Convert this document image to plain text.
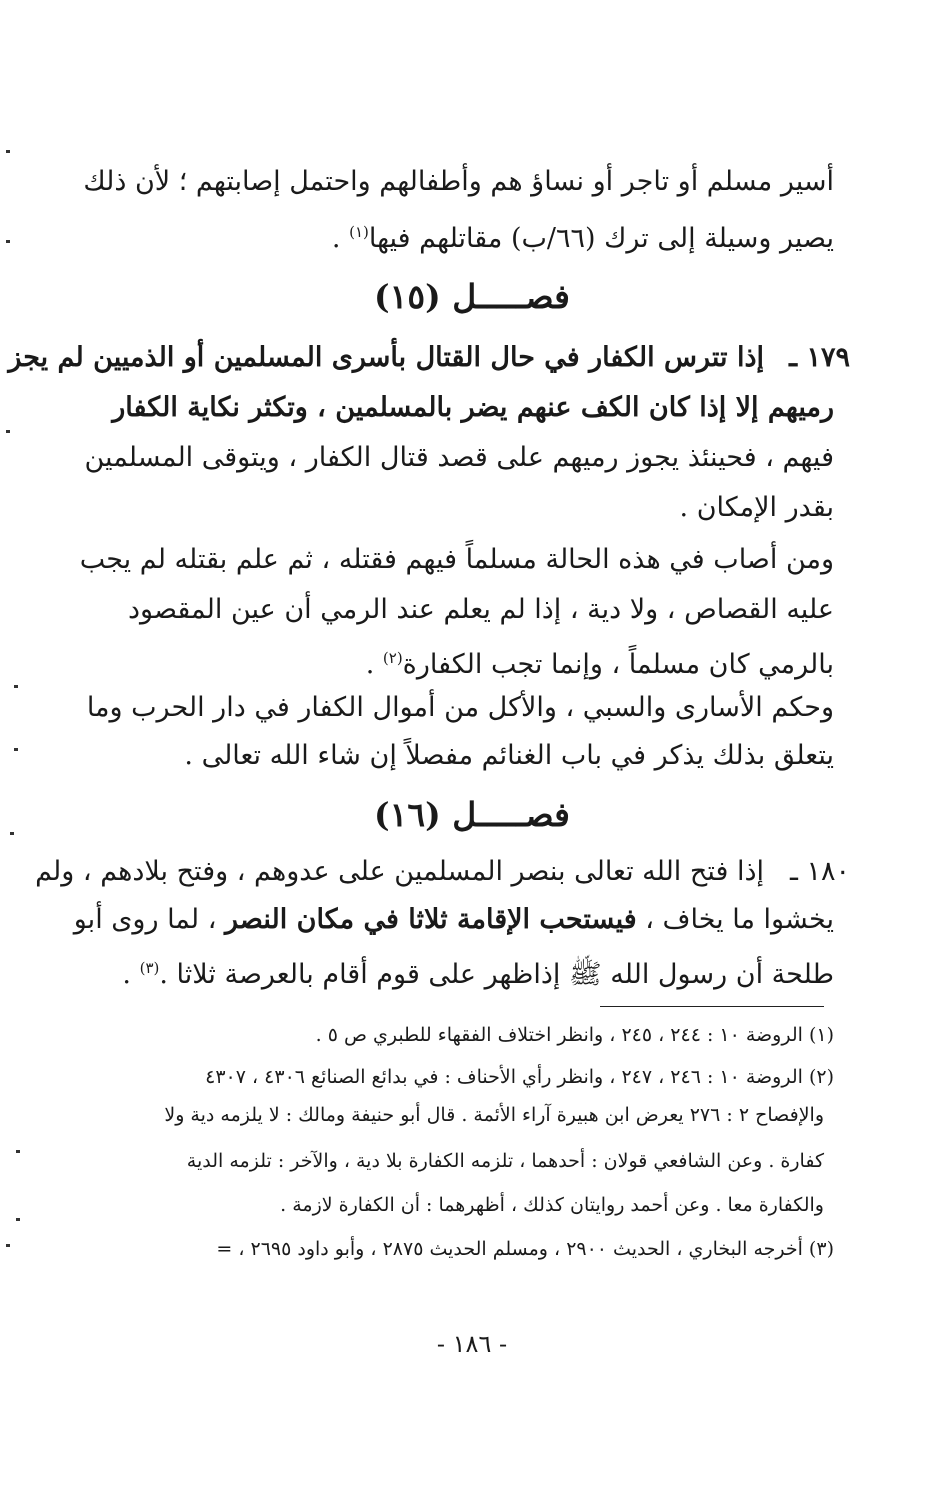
أسير مسلم أو تاجر أو نساؤ هم وأطفالهم واحتمل إصابتهم ؛ لأن ذلك
يصير وسيلة إلى ترك (٦٦/ب) مقاتلهم فيها$^{(١)}$ .
فصـــــل (١٥)
١٧٩ ـ
إذا تترس الكفار في حال القتال بأسرى المسلمين أو الذميين لم يجز
رميهم إلا إذا كان الكف عنهم يضر بالمسلمين ، وتكثر نكاية الكفار
فيهم ، فحينئذ يجوز رميهم على قصد قتال الكفار ، ويتوقى المسلمين
بقدر الإمكان .
ومن أصاب في هذه الحالة مسلماً فيهم فقتله ، ثم علم بقتله لم يجب
عليه القصاص ، ولا دية ، إذا لم يعلم عند الرمي أن عين المقصود
بالرمي كان مسلماً ، وإنما تجب الكفارة$^{(٢)}$ .
وحكم الأسارى والسبي ، والأكل من أموال الكفار في دار الحرب وما
يتعلق بذلك يذكر في باب الغنائم مفصلاً إن شاء الله تعالى .
فصـــــل (١٦)
١٨٠ ـ
إذا فتح الله تعالى بنصر المسلمين على عدوهم ، وفتح بلادهم ، ولم
يخشوا ما يخاف ، فيستحب الإقامة ثلاثا في مكان النصر ، لما روى أبو
طلحة أن رسول الله ﷺ إذاظهر على قوم أقام بالعرصة ثلاثا .$^{(٣)}$ .
(١) الروضة ١٠ : ٢٤٤ ، ٢٤٥ ، وانظر اختلاف الفقهاء للطبري ص ٥ .
(٢) الروضة ١٠ : ٢٤٦ ، ٢٤٧ ، وانظر رأي الأحناف : في بدائع الصنائع ٤٣٠٦ ، ٤٣٠٧
والإفصاح ٢ : ٢٧٦ يعرض ابن هبيرة آراء الأئمة . قال أبو حنيفة ومالك : لا يلزمه دية ولا
كفارة . وعن الشافعي قولان : أحدهما ، تلزمه الكفارة بلا دية ، والآخر : تلزمه الدية
والكفارة معا . وعن أحمد روايتان كذلك ، أظهرهما : أن الكفارة لازمة .
(٣) أخرجه البخاري ، الحديث ٢٩٠٠ ، ومسلم الحديث ٢٨٧٥ ، وأبو داود ٢٦٩٥ ، =
- ١٨٦ -
